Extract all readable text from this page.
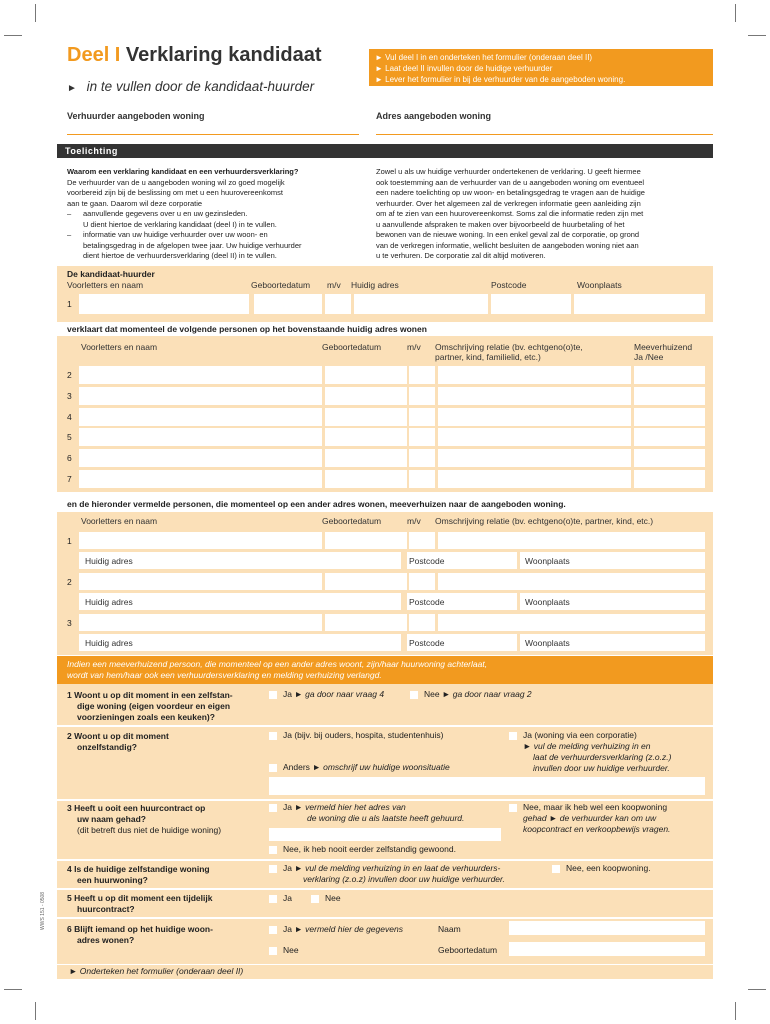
Deel I Verklaring kandidaat
► in te vullen door de kandidaat-huurder
► Vul deel I in en onderteken het formulier (onderaan deel II)
► Laat deel II invullen door de huidige verhuurder
► Lever het formulier in bij de verhuurder van de aangeboden woning.
Verhuurder aangeboden woning	Adres aangeboden woning
Toelichting
Waarom een verklaring kandidaat en een verhuurdersverklaring?
De verhuurder van de u aangeboden woning wil zo goed mogelijk
voorbereid zijn bij de beslissing om met u een huurovereenkomst
aan te gaan. Daarom wil deze corporatie
–	aanvullende gegevens over u en uw gezinsleden.
U dient hiertoe de verklaring kandidaat (deel I) in te vullen.
–	informatie van uw huidige verhuurder over uw woon- en
betalingsgedrag in de afgelopen twee jaar. Uw huidige verhuurder
dient hiertoe de verhuurdersverklaring (deel II) in te vullen.
Zowel u als uw huidige verhuurder ondertekenen de verklaring. U geeft hiermee
ook toestemming aan de verhuurder van de u aangeboden woning om eventueel
een nadere toelichting op uw woon- en betalingsgedrag te vragen aan de huidige
verhuurder. Over het algemeen zal de verkregen informatie geen aanleiding zijn
om af te zien van een huurovereenkomst. Soms zal die informatie reden zijn met
u aanvullende afspraken te maken over bijvoorbeeld de huurbetaling of het
bewonen van de nieuwe woning. In een enkel geval zal de corporatie, op grond
van de verkregen informatie, wellicht besluiten de aangeboden woning niet aan
u te verhuren. De corporatie zal dit altijd motiveren.
De kandidaat-huurder
Voorletters en naam	Geboortedatum m/v Huidig adres	Postcode	Woonplaats
1
verklaart dat momenteel de volgende personen op het bovenstaande huidig adres wonen
Voorletters en naam	Geboortedatum	m/v Omschrijving relatie (bv. echtgeno(o)te,
partner, kind, familielid, etc.)
Meeverhuizend
Ja /Nee
2
3
4
5
6
7
en de hieronder vermelde personen, die momenteel op een ander adres wonen, meeverhuizen naar de aangeboden woning.
Voorletters en naam	Geboortedatum	m/v Omschrijving relatie (bv. echtgeno(o)te, partner, kind, etc.)
1
Huidig adres	Postcode	Woonplaats
2
Huidig adres	Postcode	Woonplaats
3
Huidig adres	Postcode	Woonplaats
Indien een meeverhuizend persoon, die momenteel op een ander adres woont, zijn/haar huurwoning achterlaat,
wordt van hem/haar ook een verhuurdersverklaring en melding verhuizing verlangd.
1 Woont u op dit moment in een zelfstan-
dige woning (eigen voordeur en eigen
voorzieningen zoals een keuken)?
Ja ► ga door naar vraag 4	Nee ► ga door naar vraag 2
2 Woont u op dit moment
onzelfstandig?
Ja (bijv. bij ouders, hospita, studentenhuis)	Ja (woning via een corporatie)
► vul de melding verhuizing in en
laat de verhuurdersverklaring (z.o.z.)
invullen door uw huidige verhuurder.
Anders ► omschrijf uw huidige woonsituatie
3 Heeft u ooit een huurcontract op
uw naam gehad?
(dit betreft dus niet de huidige woning)
Ja ► vermeld hier het adres van
de woning die u als laatste heeft gehuurd.
Nee, maar ik heb wel een koopwoning
gehad ► de verhuurder kan om uw
koopcontract en verkoopbewijs vragen.
Nee, ik heb nooit eerder zelfstandig gewoond.
4 Is de huidige zelfstandige woning
een huurwoning?
Ja ► vul de melding verhuizing in en laat de verhuurders-
verklaring (z.o.z) invullen door uw huidige verhuurder.
Nee, een koopwoning.
5 Heeft u op dit moment een tijdelijk
huurcontract?
Ja	Nee
6 Blijft iemand op het huidige woon-
adres wonen?
Ja ► vermeld hier de gegevens	Naam
Nee	Geboortedatum
► Onderteken het formulier (onderaan deel II)
WWS 151 - 0508
